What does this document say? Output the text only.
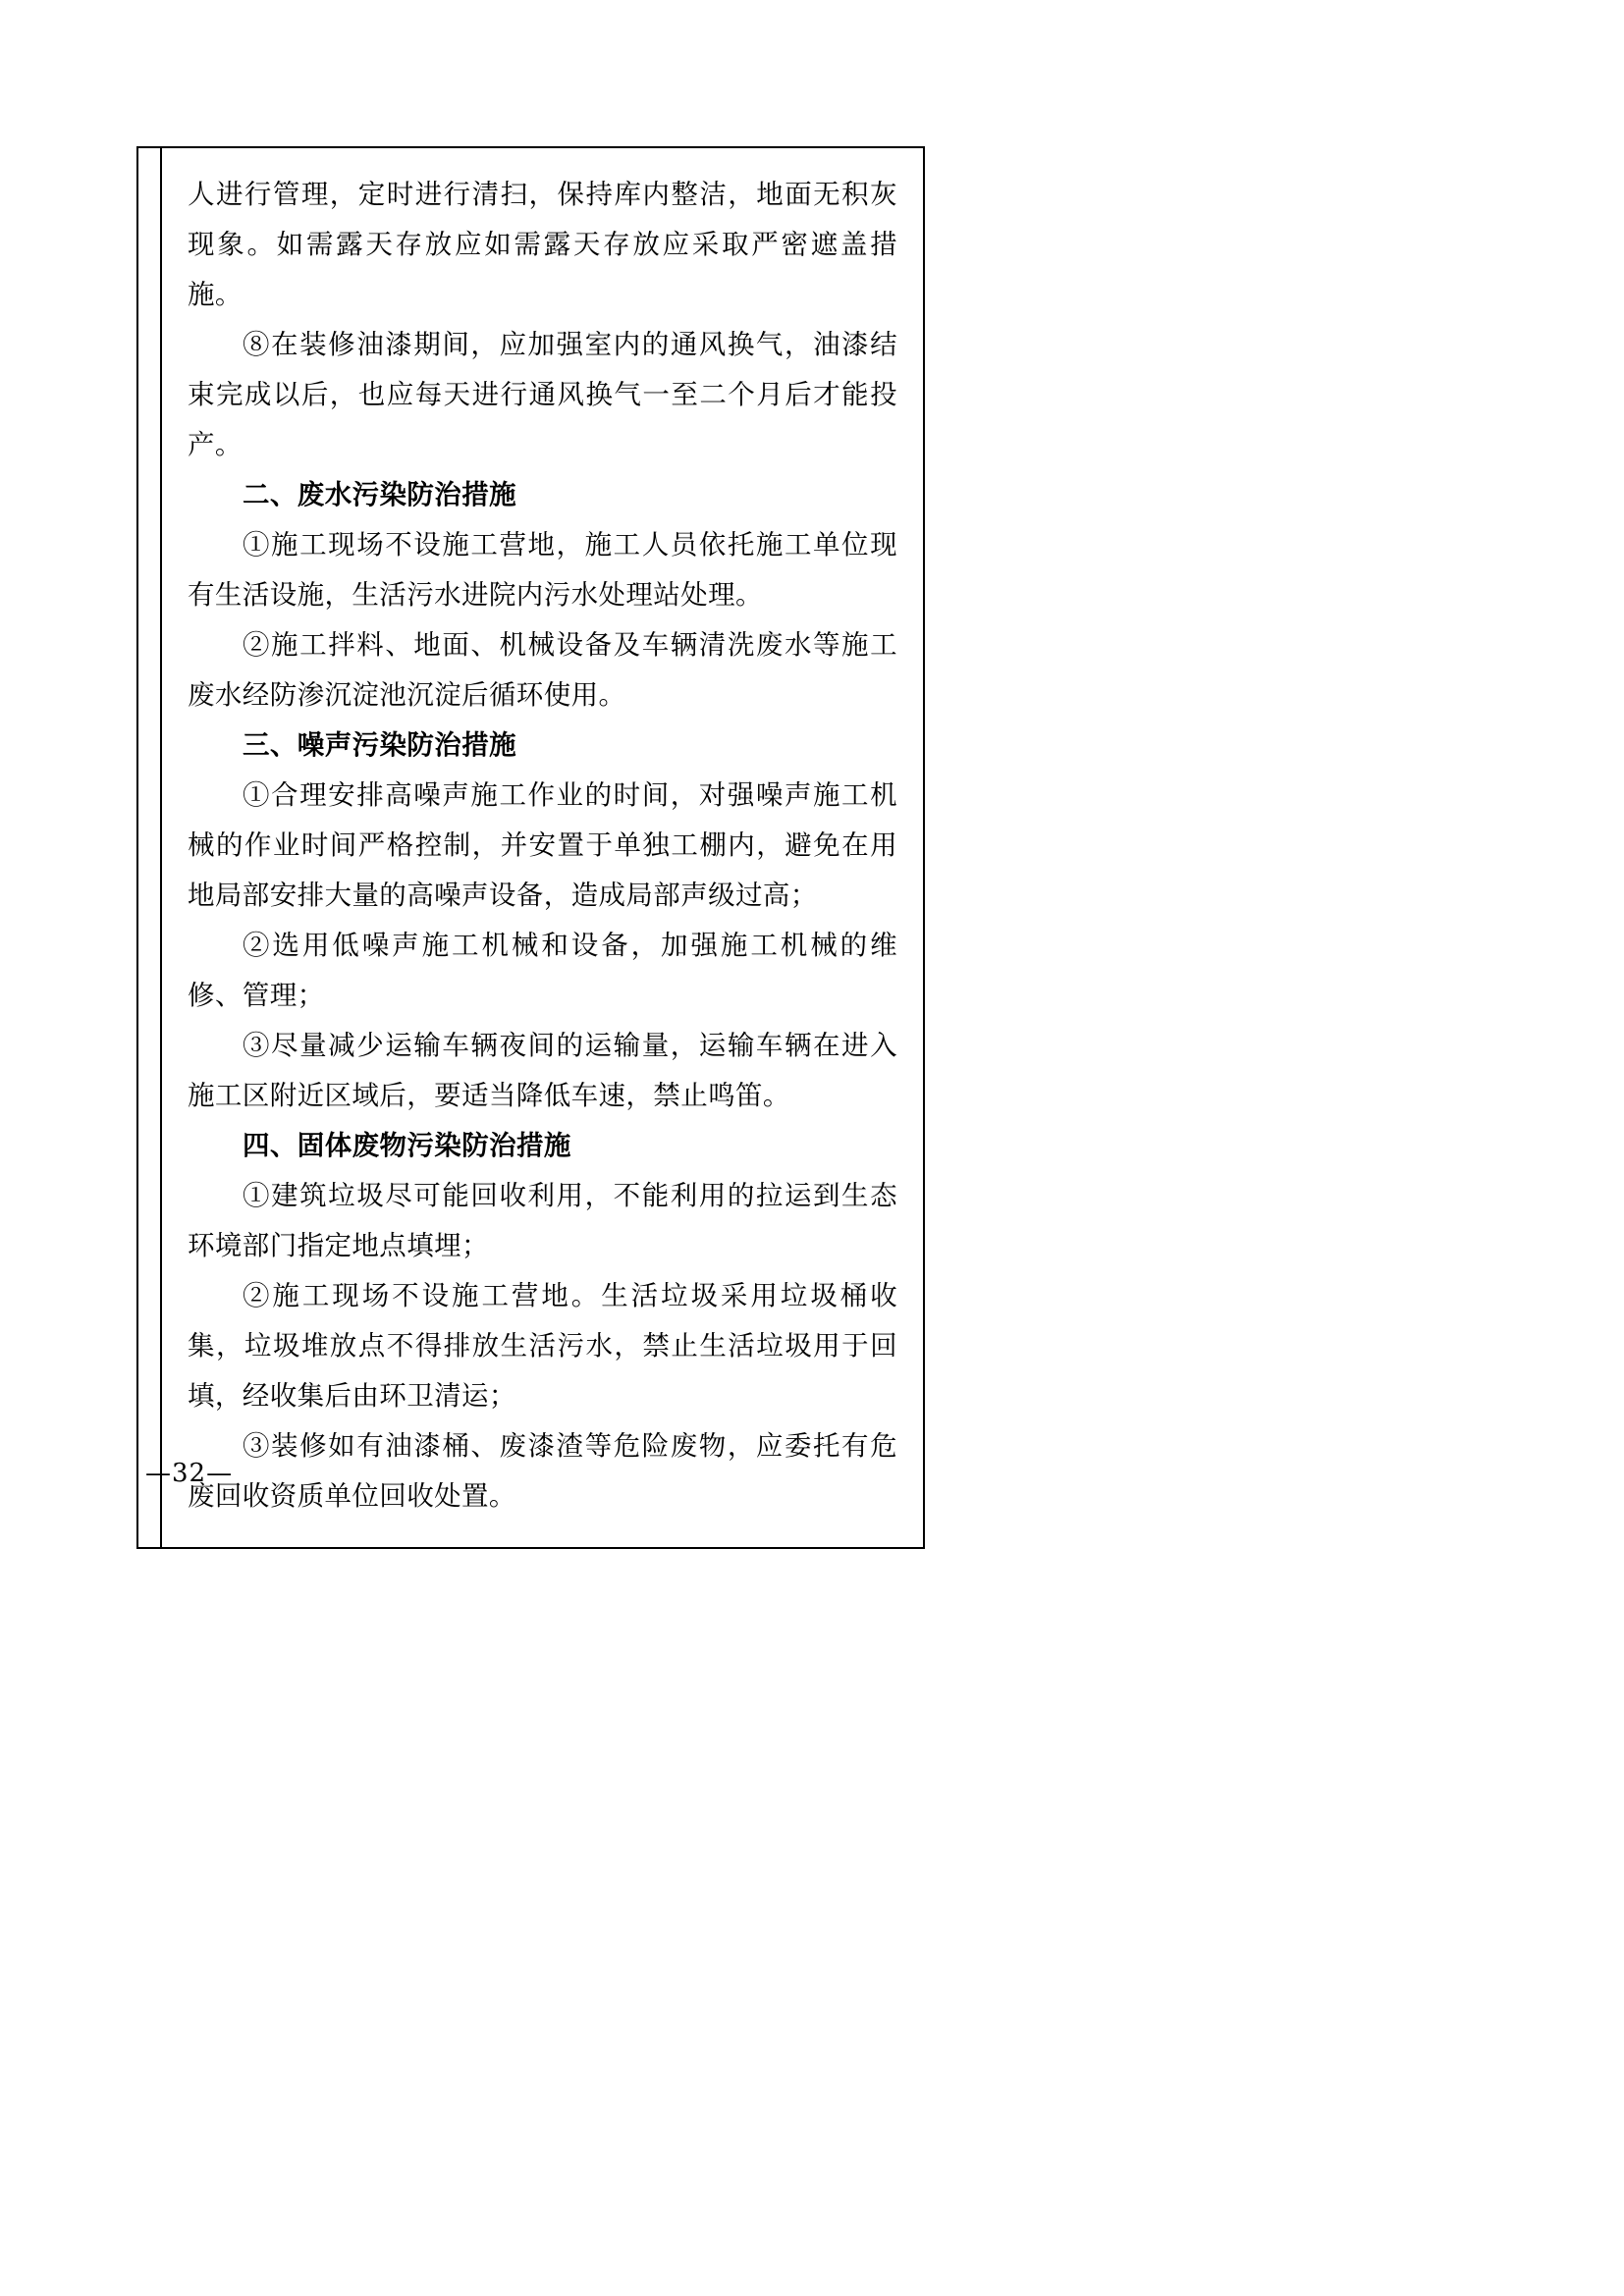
人进行管理，定时进行清扫，保持库内整洁，地面无积灰现象。如需露天存放应如需露天存放应采取严密遮盖措施。

⑧在装修油漆期间，应加强室内的通风换气，油漆结束完成以后，也应每天进行通风换气一至二个月后才能投产。

二、废水污染防治措施

①施工现场不设施工营地，施工人员依托施工单位现有生活设施，生活污水进院内污水处理站处理。

②施工拌料、地面、机械设备及车辆清洗废水等施工废水经防渗沉淀池沉淀后循环使用。

三、噪声污染防治措施

①合理安排高噪声施工作业的时间，对强噪声施工机械的作业时间严格控制，并安置于单独工棚内，避免在用地局部安排大量的高噪声设备，造成局部声级过高；

②选用低噪声施工机械和设备，加强施工机械的维修、管理；

③尽量减少运输车辆夜间的运输量，运输车辆在进入施工区附近区域后，要适当降低车速，禁止鸣笛。

四、固体废物污染防治措施

①建筑垃圾尽可能回收利用，不能利用的拉运到生态环境部门指定地点填埋；

②施工现场不设施工营地。生活垃圾采用垃圾桶收集，垃圾堆放点不得排放生活污水，禁止生活垃圾用于回填，经收集后由环卫清运；

③装修如有油漆桶、废漆渣等危险废物，应委托有危废回收资质单位回收处置。

—32—
